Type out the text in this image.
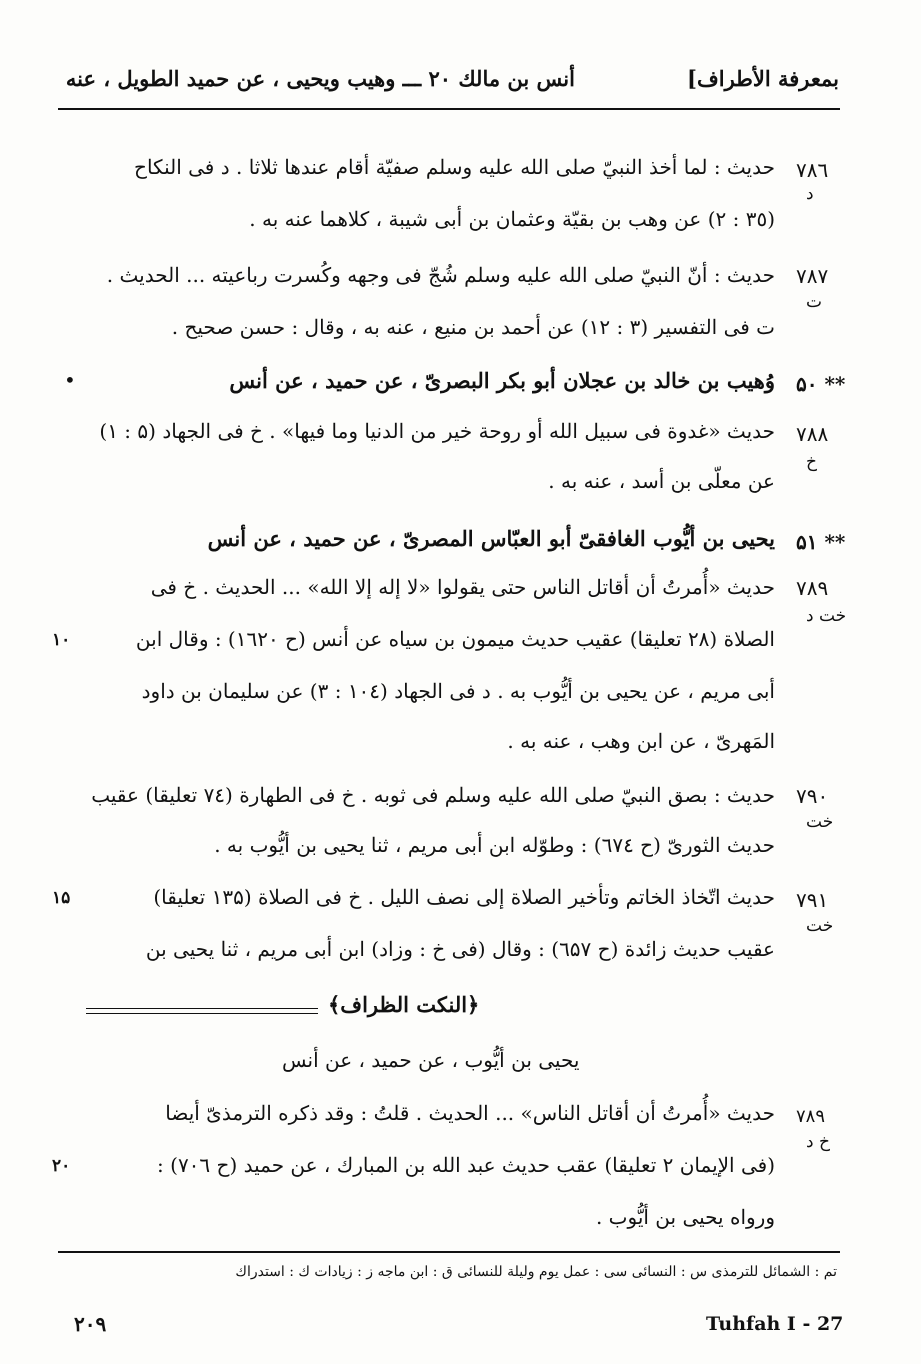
بمعرفة الأطراف]
أنس بن مالك ۲۰ ـــ وهيب ويحيى ، عن حميد الطويل ، عنه
۷۸٦
د
حديث : لما أخذ النبيّ صلى الله عليه وسلم صفيّة أقام عندها ثلاثا . د فى النكاح
(۳٥ : ۲) عن وهب بن بقيّة وعثمان بن أبى شيبة ، كلاهما عنه به .
۷۸۷
ت
حديث : أنّ النبيّ صلى الله عليه وسلم شُجّ فى وجهه وكُسرت رباعيته ... الحديث .
ت فى التفسير (۳ : ۱۲) عن أحمد بن منيع ، عنه به ، وقال : حسن صحيح .
۵۰ **
وُهيب بن خالد بن عجلان أبو بكر البصرىّ ، عن حميد ، عن أنس
•
۷۸۸
خ
حديث «غدوة فى سبيل الله أو روحة خير من الدنيا وما فيها» . خ فى الجهاد (۵ : ۱)
عن معلّى بن أسد ، عنه به .
۵۱ **
يحيى بن أيُّوب الغافقىّ أبو العبّاس المصرىّ ، عن حميد ، عن أنس
۷۸۹
خت د
حديث «أُمرتُ أن أقاتل الناس حتى يقولوا «لا إله إلا الله» ... الحديث . خ فى
الصلاة (۲۸ تعليقا) عقيب حديث ميمون بن سياه عن أنس (ح ۱٦۲۰) : وقال ابن
أبى مريم ، عن يحيى بن أيُّوب به . د فى الجهاد (۱۰٤ : ۳) عن سليمان بن داود
المَهرىّ ، عن ابن وهب ، عنه به .
۱۰
۷۹۰
خت
حديث : بصق النبيّ صلى الله عليه وسلم فى ثوبه . خ فى الطهارة (۷٤ تعليقا) عقيب
حديث الثورىّ (ح ٦۷٤) : وطوّله ابن أبى مريم ، ثنا يحيى بن أيُّوب به .
۷۹۱
خت
حديث اتّخاذ الخاتم وتأخير الصلاة إلى نصف الليل . خ فى الصلاة (۱۳۵ تعليقا)
عقيب حديث زائدة (ح ٦۵۷) : وقال (فى خ : وزاد) ابن أبى مريم ، ثنا يحيى بن
۱۵
﴿النكت الظراف﴾
يحيى بن أيُّوب ، عن حميد ، عن أنس
۷۸۹
خ د
حديث «أُمرتُ أن أقاتل الناس» ... الحديث . قلتُ : وقد ذكره الترمذىّ أيضا
(فى الإيمان ۲ تعليقا) عقب حديث عبد الله بن المبارك ، عن حميد (ح ۷۰٦) :
ورواه يحيى بن أيُّوب .
۲۰
تم : الشمائل للترمذى س : النسائى سى : عمل يوم وليلة للنسائى ق : ابن ماجه ز : زيادات ك : استدراك
۲۰۹	Tuhfah I - 27
